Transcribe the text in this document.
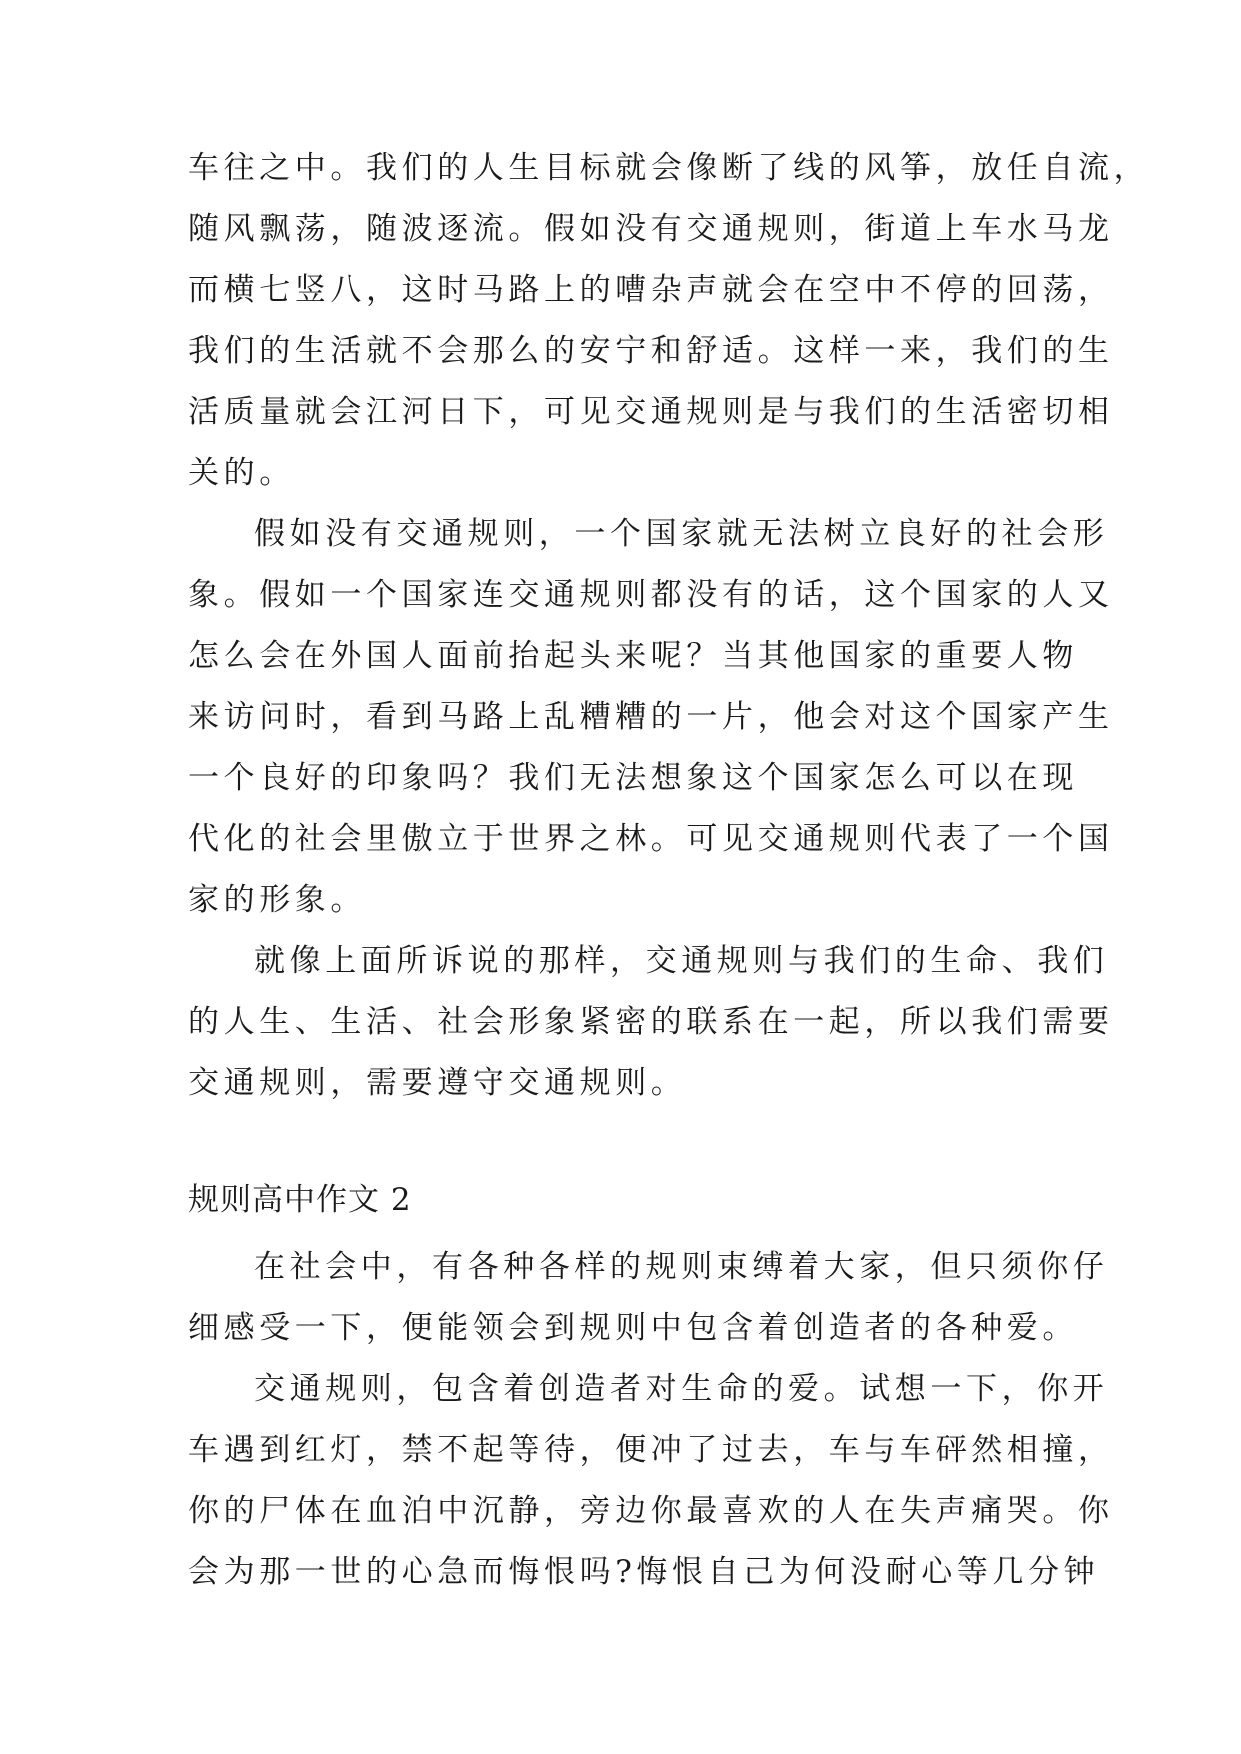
车往之中。我们的人生目标就会像断了线的风筝，放任自流，
随风飘荡，随波逐流。假如没有交通规则，街道上车水马龙
而横七竖八，这时马路上的嘈杂声就会在空中不停的回荡，
我们的生活就不会那么的安宁和舒适。这样一来，我们的生
活质量就会江河日下，可见交通规则是与我们的生活密切相
关的。
假如没有交通规则，一个国家就无法树立良好的社会形
象。假如一个国家连交通规则都没有的话，这个国家的人又
怎么会在外国人面前抬起头来呢？当其他国家的重要人物
来访问时，看到马路上乱糟糟的一片，他会对这个国家产生
一个良好的印象吗？我们无法想象这个国家怎么可以在现
代化的社会里傲立于世界之林。可见交通规则代表了一个国
家的形象。
就像上面所诉说的那样，交通规则与我们的生命、我们
的人生、生活、社会形象紧密的联系在一起，所以我们需要
交通规则，需要遵守交通规则。
规则高中作文 2
在社会中，有各种各样的规则束缚着大家，但只须你仔
细感受一下，便能领会到规则中包含着创造者的各种爱。
交通规则，包含着创造者对生命的爱。试想一下，你开
车遇到红灯，禁不起等待，便冲了过去，车与车砰然相撞，
你的尸体在血泊中沉静，旁边你最喜欢的人在失声痛哭。你
会为那一世的心急而悔恨吗?悔恨自己为何没耐心等几分钟
